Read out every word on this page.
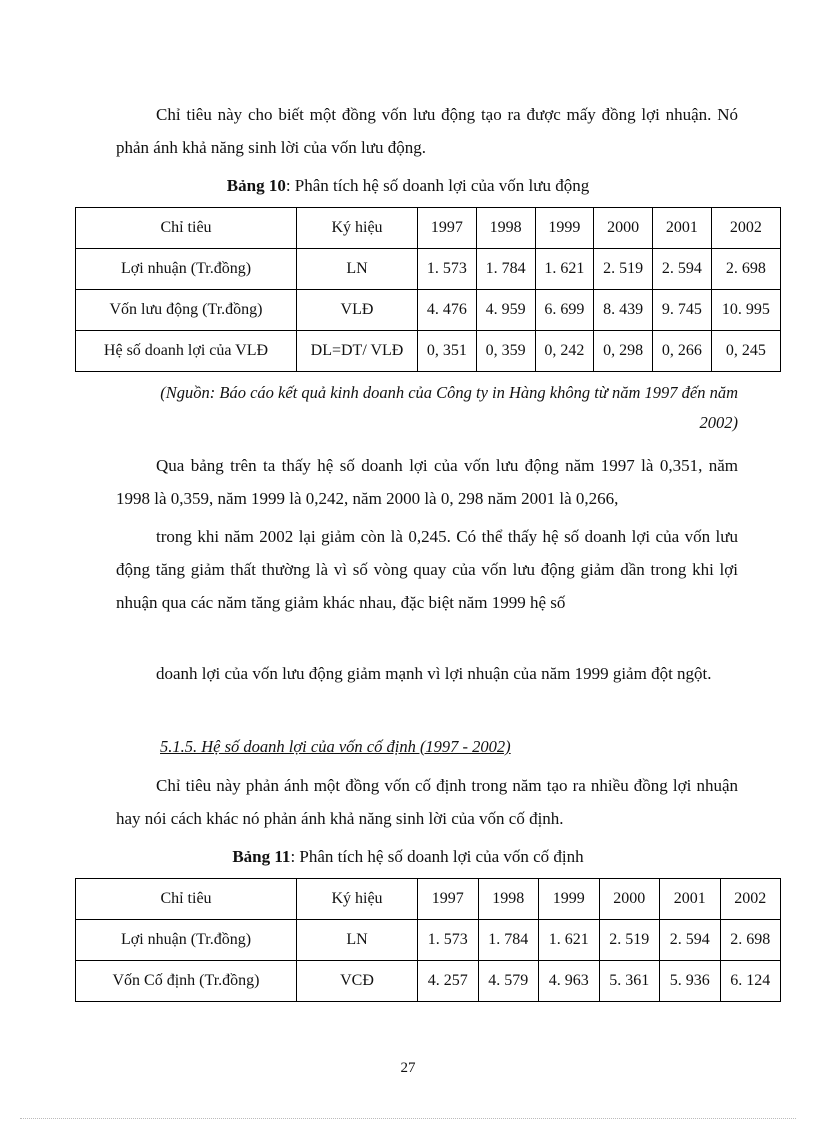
Chỉ tiêu này cho biết một đồng vốn lưu động tạo ra được mấy đồng lợi nhuận. Nó phản ánh khả năng sinh lời của vốn lưu động.

Bảng 10: Phân tích hệ số doanh lợi của vốn lưu động
Chỉ tiêu	Ký hiệu	1997	1998	1999	2000	2001	2002
Lợi nhuận (Tr.đồng)	LN	1. 573	1. 784	1. 621	2. 519	2. 594	2. 698
Vốn lưu động (Tr.đồng)	VLĐ	4. 476	4. 959	6. 699	8. 439	9. 745	10. 995
Hệ số doanh lợi của VLĐ	DL=DT/ VLĐ	0, 351	0, 359	0, 242	0, 298	0, 266	0, 245
(Nguồn: Báo cáo kết quả kinh doanh của Công ty in Hàng không từ năm 1997 đến năm 2002)

Qua bảng trên ta thấy hệ số doanh lợi của vốn lưu động năm 1997 là 0,351, năm 1998 là 0,359, năm 1999 là 0,242, năm 2000 là 0, 298 năm 2001 là 0,266,

trong khi năm 2002 lại giảm còn là 0,245. Có thể thấy hệ số doanh lợi của vốn lưu động tăng giảm thất thường là vì số vòng quay của vốn lưu động giảm dần trong khi lợi nhuận qua các năm tăng giảm khác nhau, đặc biệt năm 1999 hệ số

doanh lợi của vốn lưu động giảm mạnh vì lợi nhuận của năm 1999 giảm đột ngột.

5.1.5. Hệ số doanh lợi của vốn cố định (1997 - 2002)

Chỉ tiêu này phản ánh một đồng vốn cố định trong năm tạo ra nhiều đồng lợi nhuận hay nói cách khác nó phản ánh khả năng sinh lời của vốn cố định.

Bảng 11: Phân tích hệ số doanh lợi của vốn cố định
Chỉ tiêu	Ký hiệu	1997	1998	1999	2000	2001	2002
Lợi nhuận (Tr.đồng)	LN	1. 573	1. 784	1. 621	2. 519	2. 594	2. 698
Vốn Cố định (Tr.đồng)	VCĐ	4. 257	4. 579	4. 963	5. 361	5. 936	6. 124
27
